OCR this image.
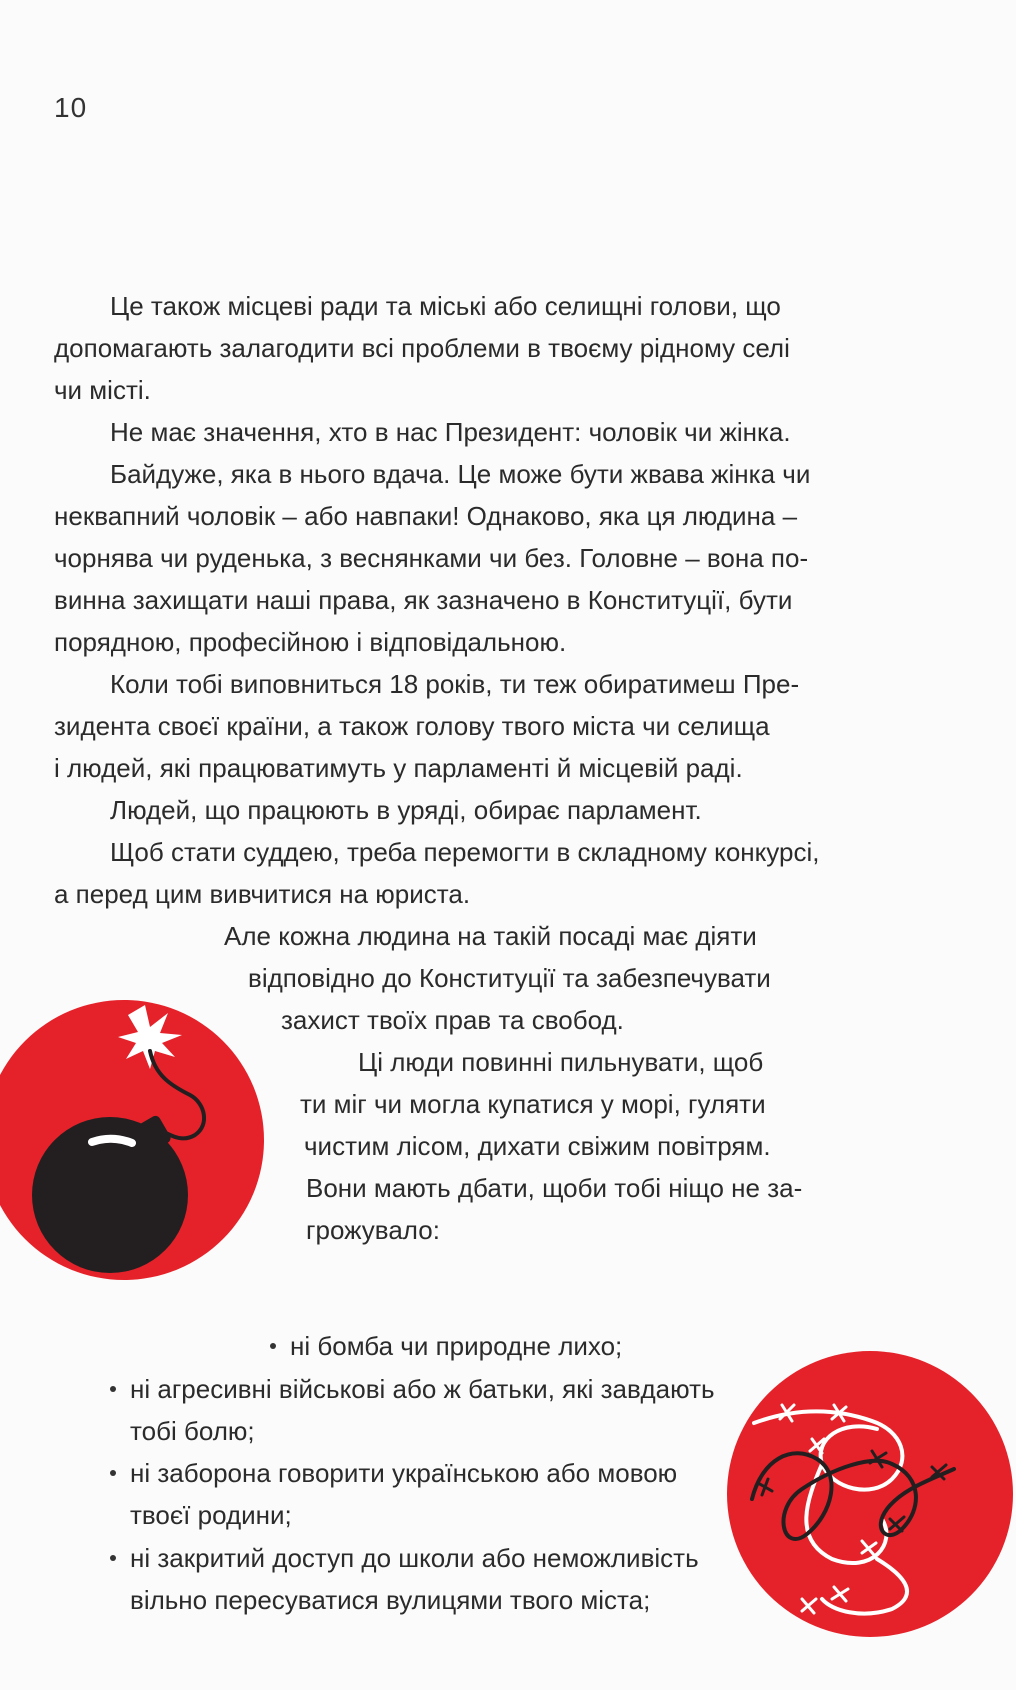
10
Це також місцеві ради та міські або селищні голови, що
допомагають залагодити всі проблеми в твоєму рідному селі
чи місті.
Не має значення, хто в нас Президент: чоловік чи жінка.
Байдуже, яка в нього вдача. Це може бути жвава жінка чи
неквапний чоловік – або навпаки! Однаково, яка ця людина –
чорнява чи руденька, з веснянками чи без. Головне – вона по-
винна захищати наші права, як зазначено в Конституції, бути
порядною, професійною і відповідальною.
Коли тобі виповниться 18 років, ти теж обиратимеш Пре-
зидента своєї країни, а також голову твого міста чи селища
і людей, які працюватимуть у парламенті й місцевій раді.
Людей, що працюють в уряді, обирає парламент.
Щоб стати суддею, треба перемогти в складному конкурсі,
а перед цим вивчитися на юриста.
Але кожна людина на такій посаді має діяти
відповідно до Конституції та забезпечувати
захист твоїх прав та свобод.
Ці люди повинні пильнувати, щоб
ти міг чи могла купатися у морі, гуляти
чистим лісом, дихати свіжим повітрям.
Вони мають дбати, щоби тобі ніщо не за-
грожувало:
ні бомба чи природне лихо;
ні агресивні військові або ж батьки, які завдають
тобі болю;
ні заборона говорити українською або мовою
твоєї родини;
ні закритий доступ до школи або неможливість
вільно пересуватися вулицями твого міста;
